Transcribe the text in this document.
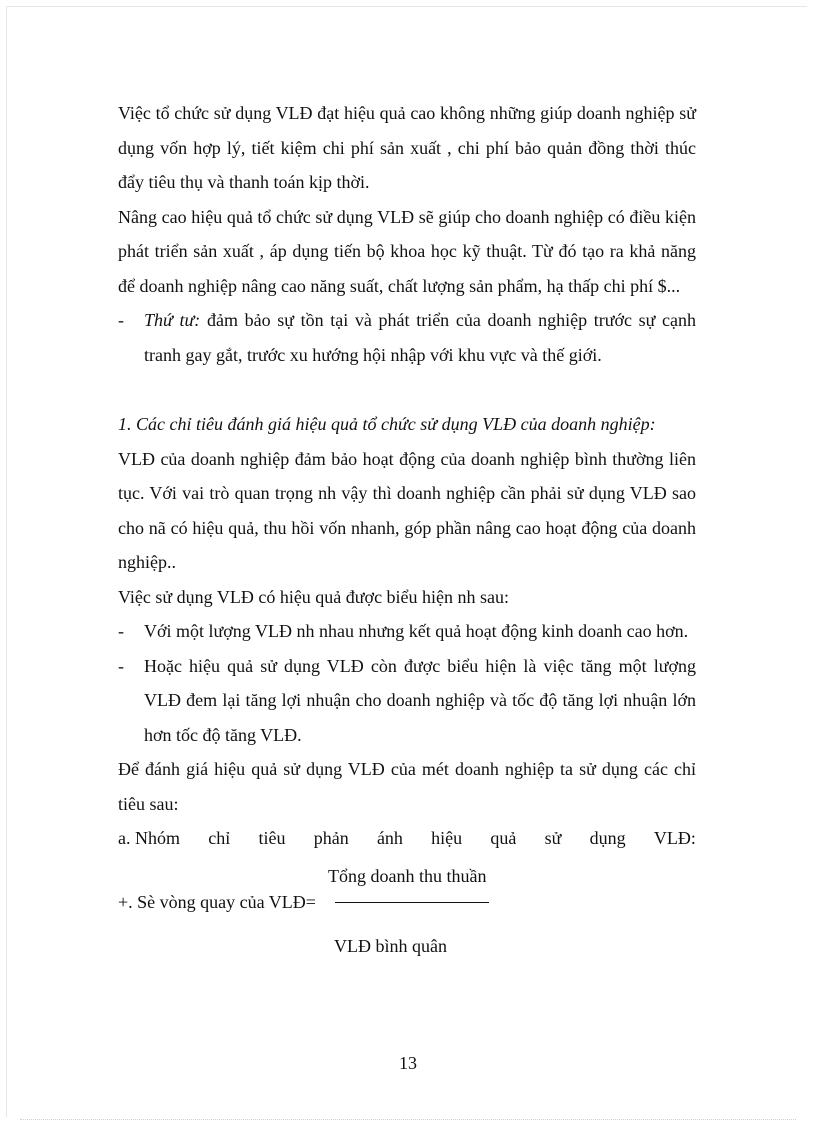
Việc tổ chức sử dụng VLĐ đạt hiệu quả cao không những giúp doanh nghiệp sử dụng vốn hợp lý, tiết kiệm chi phí sản xuất , chi phí bảo quản đồng thời thúc đẩy tiêu thụ và thanh toán kịp thời.

Nâng cao hiệu quả tổ chức sử dụng VLĐ sẽ giúp cho doanh nghiệp có điều kiện phát triển sản xuất , áp dụng tiến bộ khoa học kỹ thuật. Từ đó tạo ra khả năng để doanh nghiệp nâng cao năng suất, chất lượng sản phẩm, hạ thấp chi phí $...

-	Thứ tư: đảm bảo sự tồn tại và phát triển của doanh nghiệp trước sự cạnh tranh gay gắt, trước xu hướng hội nhập với khu vực và thế giới.

1. Các chỉ tiêu đánh giá hiệu quả tổ chức sử dụng VLĐ của doanh nghiệp:

VLĐ của doanh nghiệp đảm bảo hoạt động của doanh nghiệp bình thường liên tục. Với vai trò quan trọng nh vậy thì doanh nghiệp cần phải sử dụng VLĐ sao cho nã có hiệu quả, thu hồi vốn nhanh, góp phần nâng cao hoạt động của doanh nghiệp..

Việc sử dụng VLĐ có hiệu quả được biểu hiện nh sau:

-	Với một lượng VLĐ nh nhau nhưng kết quả hoạt động kinh doanh cao hơn.
-	Hoặc hiệu quả sử dụng VLĐ còn được biểu hiện là việc tăng một lượng VLĐ đem lại tăng lợi nhuận cho doanh nghiệp và tốc độ tăng lợi nhuận lớn hơn tốc độ tăng VLĐ.

Để đánh giá hiệu quả sử dụng VLĐ của mét doanh nghiệp ta sử dụng các chỉ tiêu sau:

a. Nhóm chỉ tiêu phản ánh hiệu quả sử dụng VLĐ:

Tổng doanh thu thuần
+. Sè vòng quay của VLĐ=
VLĐ bình quân
13
